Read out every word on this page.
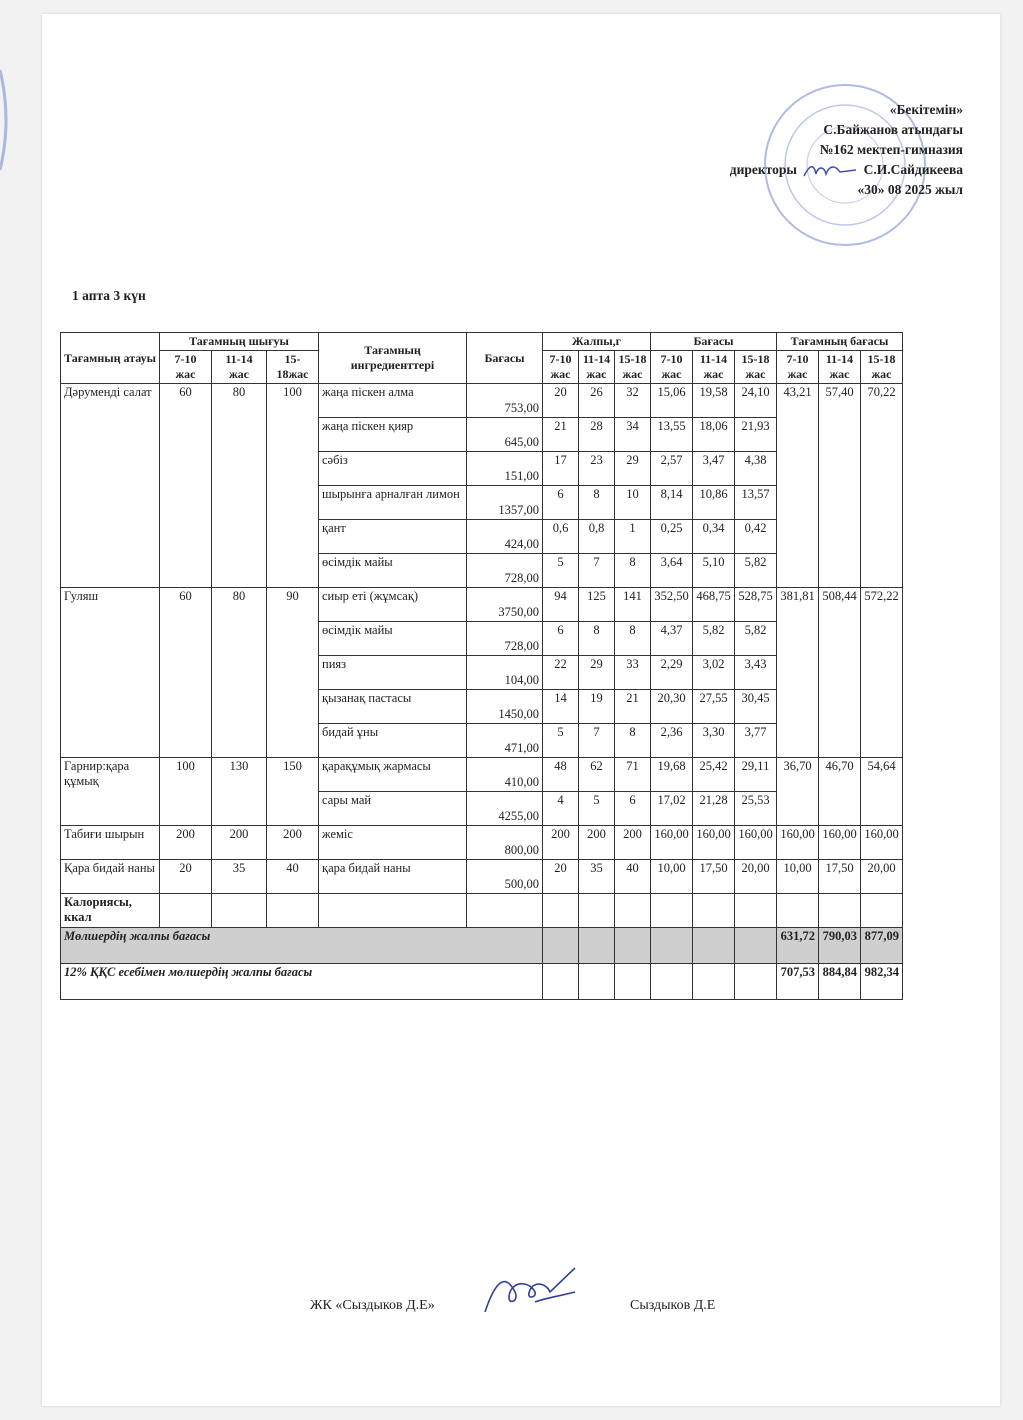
«Бекітемін»
С.Байжанов атындағы
№162 мектеп-гимназия
директоры	С.И.Сайдикеева
«30» 08 2025 жыл
1 апта 3 күн
Тағамның атауы	Тағамның шығуы			Тағамның ингредиенттері	Бағасы	Жалпы,г			Бағасы			Тағамның бағасы		
	7-10 жас	11-14 жас	15-18жас			7-10 жас	11-14 жас	15-18 жас	7-10 жас	11-14 жас	15-18 жас	7-10 жас	11-14 жас	15-18 жас
Дәруменді салат	60	80	100	жаңа піскен алма	753,00	20	26	32	15,06	19,58	24,10	43,21	57,40	70,22
				жаңа піскен қияр	645,00	21	28	34	13,55	18,06	21,93			
				сәбіз	151,00	17	23	29	2,57	3,47	4,38			
				шырынға арналған лимон	1357,00	6	8	10	8,14	10,86	13,57			
				қант	424,00	0,6	0,8	1	0,25	0,34	0,42			
				өсімдік майы	728,00	5	7	8	3,64	5,10	5,82			
Гуляш	60	80	90	сиыр еті (жұмсақ)	3750,00	94	125	141	352,50	468,75	528,75	381,81	508,44	572,22
				өсімдік майы	728,00	6	8	8	4,37	5,82	5,82			
				пияз	104,00	22	29	33	2,29	3,02	3,43			
				қызанақ пастасы	1450,00	14	19	21	20,30	27,55	30,45			
				бидай ұны	471,00	5	7	8	2,36	3,30	3,77			
Гарнир:қара құмық	100	130	150	қарақұмық жармасы	410,00	48	62	71	19,68	25,42	29,11	36,70	46,70	54,64
				сары май	4255,00	4	5	6	17,02	21,28	25,53			
Табиғи шырын	200	200	200	жеміс	800,00	200	200	200	160,00	160,00	160,00	160,00	160,00	160,00
Қара бидай наны	20	35	40	қара бидай наны	500,00	20	35	40	10,00	17,50	20,00	10,00	17,50	20,00
Калориясы, ккал														
Мөлшердің жалпы бағасы												631,72	790,03	877,09
12% ҚҚС есебімен мөлшердің жалпы бағасы												707,53	884,84	982,34
ЖК «Сыздыков Д.Е»	Сыздыков Д.Е
